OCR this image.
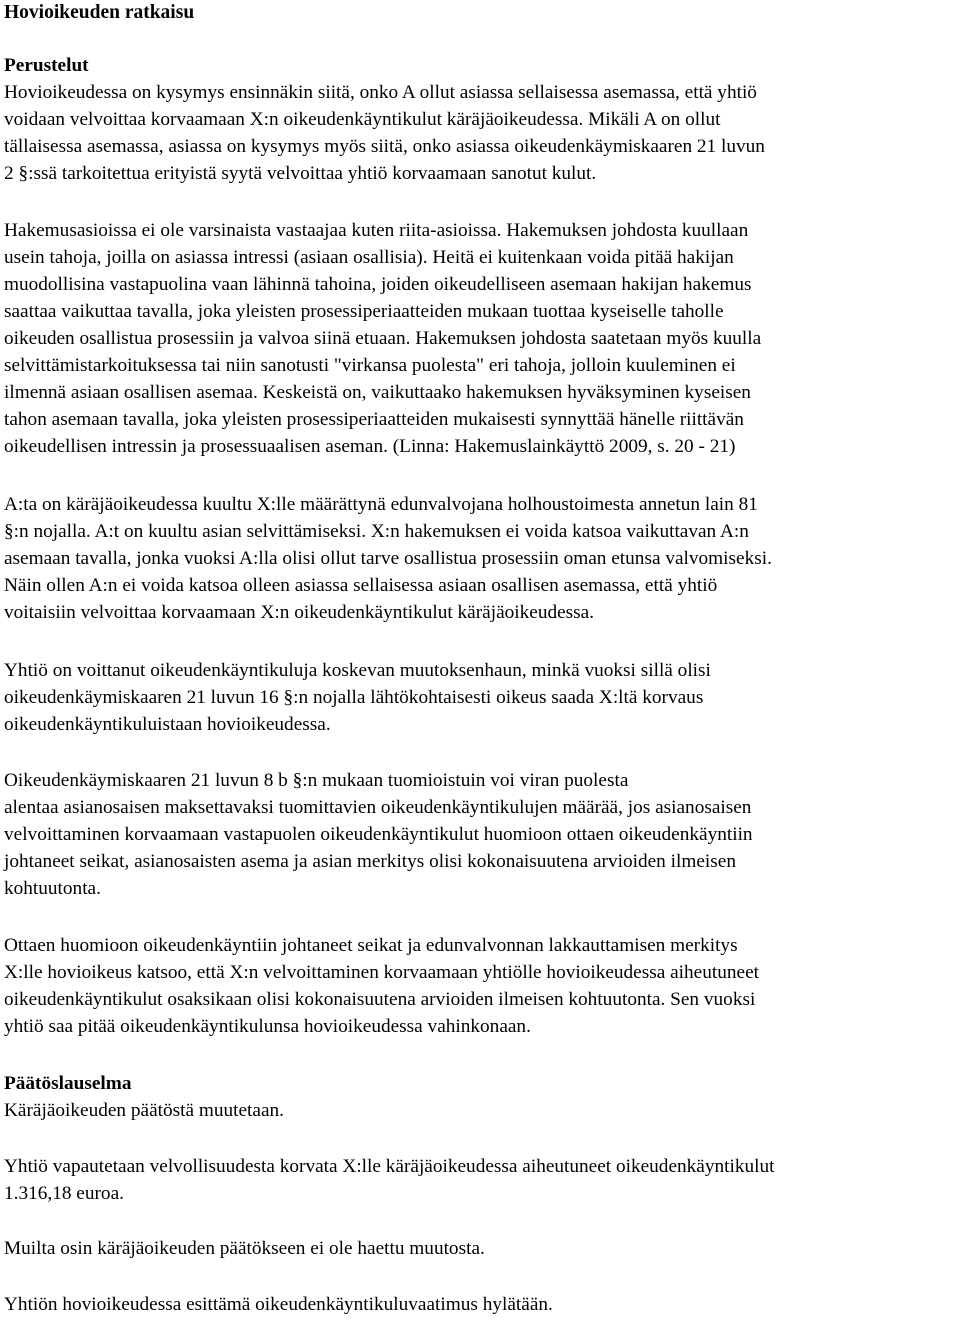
Hovioikeuden ratkaisu
Perustelut
Hovioikeudessa on kysymys ensinnäkin siitä, onko A ollut asiassa sellaisessa asemassa, että yhtiö
voidaan velvoittaa korvaamaan X:n oikeudenkäyntikulut käräjäoikeudessa. Mikäli A on ollut
tällaisessa asemassa, asiassa on kysymys myös siitä, onko asiassa oikeudenkäymiskaaren 21 luvun
2 §:ssä tarkoitettua erityistä syytä velvoittaa yhtiö korvaamaan sanotut kulut.
Hakemusasioissa ei ole varsinaista vastaajaa kuten riita-asioissa. Hakemuksen johdosta kuullaan
usein tahoja, joilla on asiassa intressi (asiaan osallisia). Heitä ei kuitenkaan voida pitää hakijan
muodollisina vastapuolina vaan lähinnä tahoina, joiden oikeudelliseen asemaan hakijan hakemus
saattaa vaikuttaa tavalla, joka yleisten prosessiperiaatteiden mukaan tuottaa kyseiselle taholle
oikeuden osallistua prosessiin ja valvoa siinä etuaan. Hakemuksen johdosta saatetaan myös kuulla
selvittämistarkoituksessa tai niin sanotusti "virkansa puolesta" eri tahoja, jolloin kuuleminen ei
ilmennä asiaan osallisen asemaa. Keskeistä on, vaikuttaako hakemuksen hyväksyminen kyseisen
tahon asemaan tavalla, joka yleisten prosessiperiaatteiden mukaisesti synnyttää hänelle riittävän
oikeudellisen intressin ja prosessuaalisen aseman. (Linna: Hakemuslainkäyttö 2009, s. 20 - 21)
A:ta on käräjäoikeudessa kuultu X:lle määrättynä edunvalvojana holhoustoimesta annetun lain 81
§:n nojalla. A:t on kuultu asian selvittämiseksi. X:n hakemuksen ei voida katsoa vaikuttavan A:n
asemaan tavalla, jonka vuoksi A:lla olisi ollut tarve osallistua prosessiin oman etunsa valvomiseksi.
Näin ollen A:n ei voida katsoa olleen asiassa sellaisessa asiaan osallisen asemassa, että yhtiö
voitaisiin velvoittaa korvaamaan X:n oikeudenkäyntikulut käräjäoikeudessa.
Yhtiö on voittanut oikeudenkäyntikuluja koskevan muutoksenhaun, minkä vuoksi sillä olisi
oikeudenkäymiskaaren 21 luvun 16 §:n nojalla lähtökohtaisesti oikeus saada X:ltä korvaus
oikeudenkäyntikuluistaan hovioikeudessa.
Oikeudenkäymiskaaren 21 luvun 8 b §:n mukaan tuomioistuin voi viran puolesta
alentaa asianosaisen maksettavaksi tuomittavien oikeudenkäyntikulujen määrää, jos asianosaisen
velvoittaminen korvaamaan vastapuolen oikeudenkäyntikulut huomioon ottaen oikeudenkäyntiin
johtaneet seikat, asianosaisten asema ja asian merkitys olisi kokonaisuutena arvioiden ilmeisen
kohtuutonta.
Ottaen huomioon oikeudenkäyntiin johtaneet seikat ja edunvalvonnan lakkauttamisen merkitys
X:lle hovioikeus katsoo, että X:n velvoittaminen korvaamaan yhtiölle hovioikeudessa aiheutuneet
oikeudenkäyntikulut osaksikaan olisi kokonaisuutena arvioiden ilmeisen kohtuutonta. Sen vuoksi
yhtiö saa pitää oikeudenkäyntikulunsa hovioikeudessa vahinkonaan.
Päätöslauselma
Käräjäoikeuden päätöstä muutetaan.
Yhtiö vapautetaan velvollisuudesta korvata X:lle käräjäoikeudessa aiheutuneet oikeudenkäyntikulut
1.316,18 euroa.
Muilta osin käräjäoikeuden päätökseen ei ole haettu muutosta.
Yhtiön hovioikeudessa esittämä oikeudenkäyntikuluvaatimus hylätään.
